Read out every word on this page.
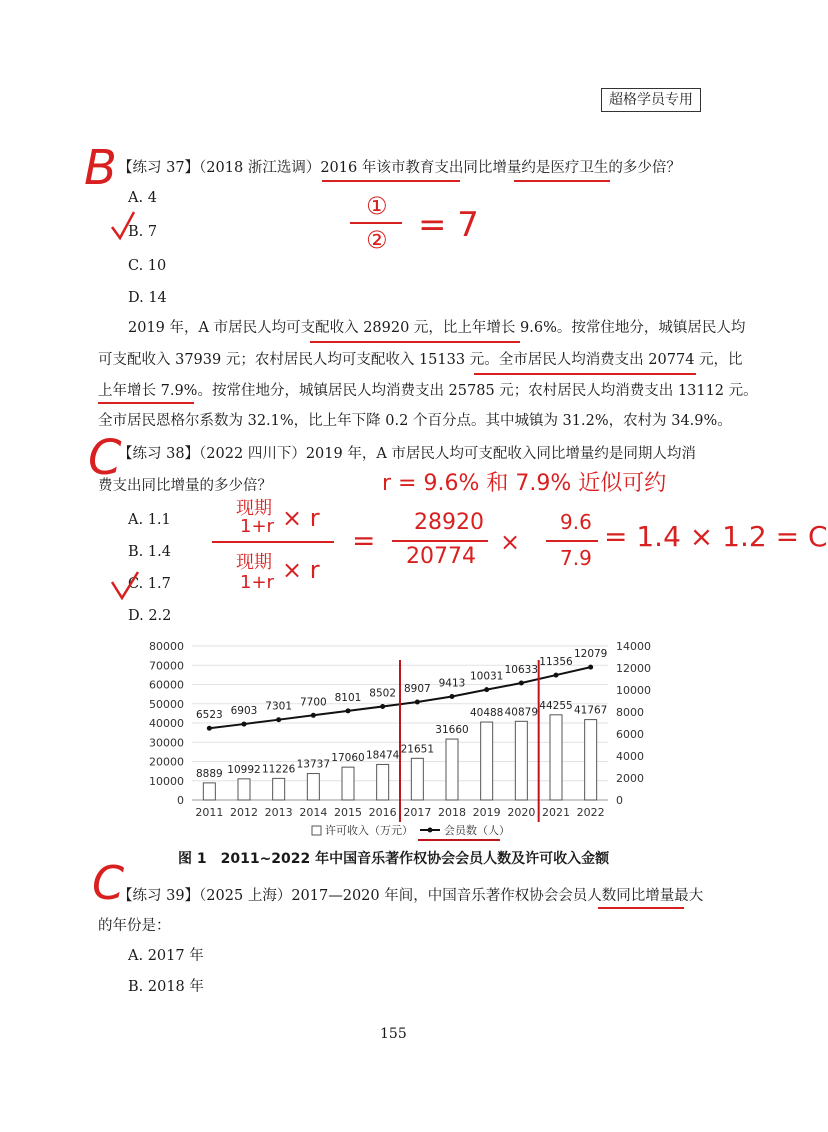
超格学员专用
B 【练习 37】（2018 浙江选调）2016 年该市教育支出同比增量约是医疗卫生的多少倍？
A. 4
B. 7
C. 10
D. 14
①
② = 7
2019 年，A 市居民人均可支配收入 28920 元，比上年增长 9.6%。按常住地分，城镇居民人均
可支配收入 37939 元；农村居民人均可支配收入 15133 元。全市居民人均消费支出 20774 元，比
上年增长 7.9%。按常住地分，城镇居民人均消费支出 25785 元；农村居民人均消费支出 13112 元。
全市居民恩格尔系数为 32.1%，比上年下降 0.2 个百分点。其中城镇为 31.2%，农村为 34.9%。
C
【练习 38】（2022 四川下）2019 年，A 市居民人均可支配收入同比增量约是同期人均消
费支出同比增量的多少倍？	r = 9.6% 和 7.9% 近似可约
A. 1.1
B. 1.4
C. 1.7
D. 2.2
现期
1+r × r
现期
1+r × r
=
28920
20774
×
9.6
7.9
= 1.4 × 1.2 = C
0
10000
20000
30000
40000
50000
60000
70000
80000
0
2000
4000
6000
8000
10000
12000
14000
8889
2011
10992
2012
11226
2013
13737
2014
17060
2015
18474
2016
21651
2017
31660
2018
40488
2019
40879
2020
44255
2021
41767
2022
6523 6903 7301 7700 8101 8502 8907 9413
10031
10633
11356
12079
许可收入（万元）	会员数（人）
图 1　2011~2022 年中国音乐著作权协会会员人数及许可收入金额
C
【练习 39】（2025 上海）2017—2020 年间，中国音乐著作权协会会员人数同比增量最大
的年份是：
A. 2017 年
B. 2018 年
155
